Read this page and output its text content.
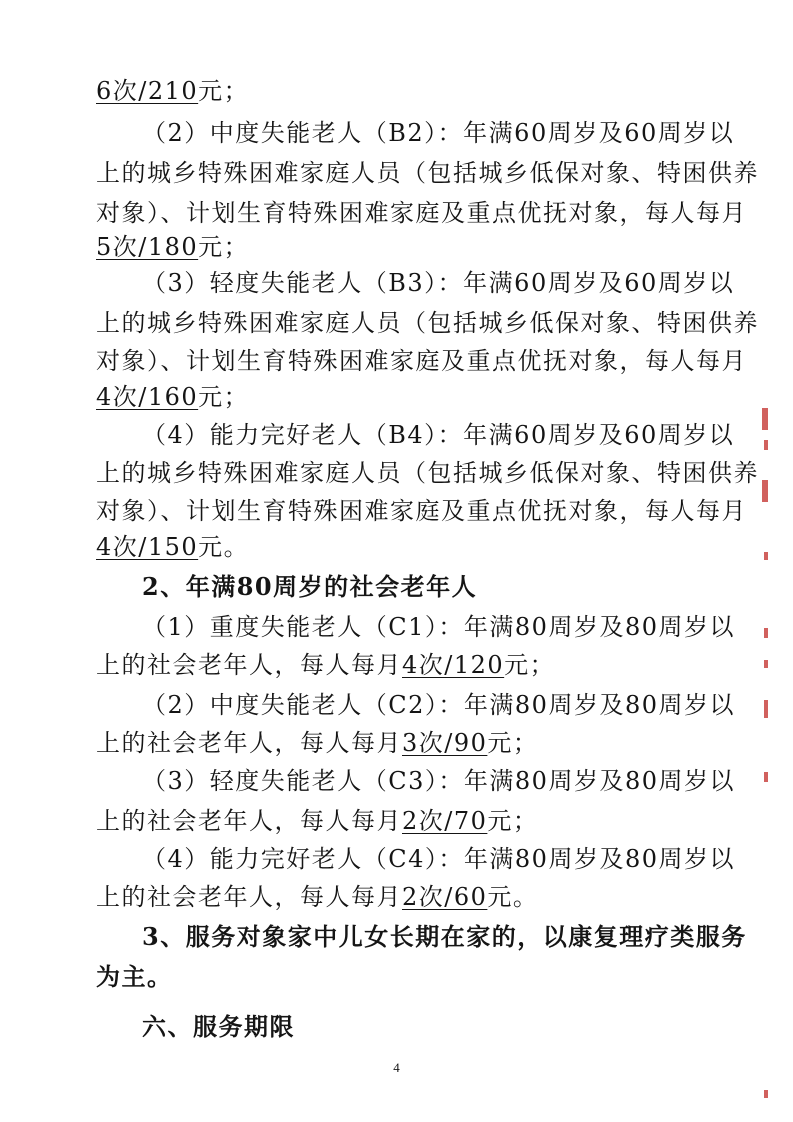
6次/210元；
（2）中度失能老人（B2）：年满60周岁及60周岁以
上的城乡特殊困难家庭人员（包括城乡低保对象、特困供养
对象）、计划生育特殊困难家庭及重点优抚对象，每人每月
5次/180元；
（3）轻度失能老人（B3）：年满60周岁及60周岁以
上的城乡特殊困难家庭人员（包括城乡低保对象、特困供养
对象）、计划生育特殊困难家庭及重点优抚对象，每人每月
4次/160元；
（4）能力完好老人（B4）：年满60周岁及60周岁以
上的城乡特殊困难家庭人员（包括城乡低保对象、特困供养
对象）、计划生育特殊困难家庭及重点优抚对象，每人每月
4次/150元。
2、年满80周岁的社会老年人
（1）重度失能老人（C1）：年满80周岁及80周岁以
上的社会老年人，每人每月4次/120元；
（2）中度失能老人（C2）：年满80周岁及80周岁以
上的社会老年人，每人每月3次/90元；
（3）轻度失能老人（C3）：年满80周岁及80周岁以
上的社会老年人，每人每月2次/70元；
（4）能力完好老人（C4）：年满80周岁及80周岁以
上的社会老年人，每人每月2次/60元。
3、服务对象家中儿女长期在家的，以康复理疗类服务
为主。
六、服务期限
4
